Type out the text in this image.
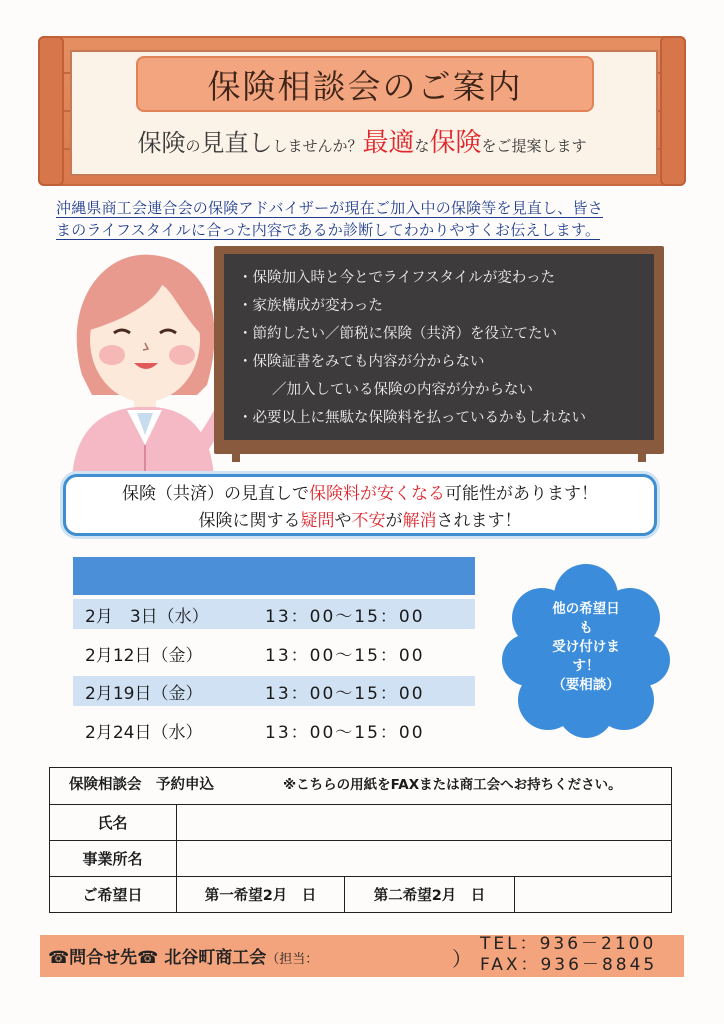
保険相談会のご案内
保険の見直ししませんか？最適な保険をご提案します
沖縄県商工会連合会の保険アドバイザーが現在ご加入中の保険等を見直し、皆さ
まのライフスタイルに合った内容であるか診断してわかりやすくお伝えします。
・保険加入時と今とでライフスタイルが変わった
・家族構成が変わった
・節約したい／節税に保険（共済）を役立てたい
・保険証書をみても内容が分からない
／加入している保険の内容が分からない
・必要以上に無駄な保険料を払っているかもしれない
保険（共済）の見直しで保険料が安くなる可能性があります！
保険に関する疑問や不安が解消されます！
2月　3日（水）	13：00～15：00
2月12日（金）	13：00～15：00
2月19日（金）	13：00～15：00
2月24日（水）	13：00～15：00
他の希望日
も
受け付けま
す！
（要相談）
保険相談会　予約申込	※こちらの用紙をFAXまたは商工会へお持ちください。
氏名
事業所名
ご希望日	第一希望2月　日	第二希望2月　日
☎問合せ先☎ 北谷町商工会（担当：	）
TEL：936－2100
FAX：936－8845
